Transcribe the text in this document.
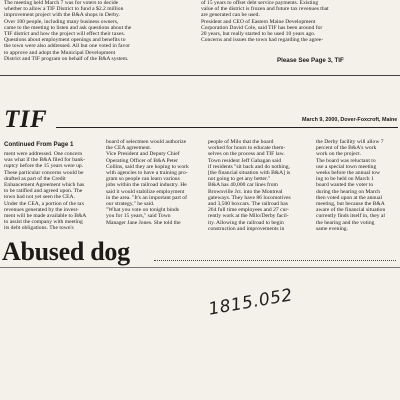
The meeting held March 7 was for voters to decide

whether to allow a TIF District to fund a $2.2 million

improvement project with the B&A shops in Derby.

Over 100 people, including many business owners,

came to the meeting to listen and ask questions about the

TIF district and how the project will effect their taxes.

Questions about employment openings and benefits to

the town were also addressed. All but one voted in favor

to approve and adopt the Municipal Development

District and TIF program on behalf of the B&A system.

of 15 years to offset debt service payments. Existing

value of the district is frozen and future tax revenues that

are generated can be used.

President and CEO of Eastern Maine Development

Corporation David Cole, said TIF has been around for

20 years, but really started to be used 10 years ago.

Concerns and issues the town had regarding the agree-

Please See Page 3, TIF
TIF	March 9, 2000, Dover-Foxcroft, Maine
Continued From Page 1

ment were addressed. One concern

was what if the B&A filed for bank-

ruptcy before the 15 years were up.

These particular concerns would be

drafted as part of the Credit

Enhancement Agreement which has

to be ratified and agreed upon. The

town had not yet seen the CEA.

Under the CEA, a portion of the tax

revenues generated by the invest-

ment will be made available to B&A

to assist the company with meeting

its debt obligations. The town's

board of selectmen would authorize

the CEA agreement.

Vice President and Deputy Chief

Operating Officer of B&A Peter

Collins, said they are hoping to work

with agencies to have a training pro-

gram so people can learn various

jobs within the railroad industry. He

said it would stabilize employment

in the area. "It's an important part of

our strategy," he said.

"What you vote on tonight binds

you for 15 years," said Town

Manager Jane Jones. She told the

people of Milo that the board

worked for hours to educate them-

selves on the process and TIF law.

Town resident Jeff Gahagan said

if residents "sit back and do nothing,

[the financial situation with B&A] is

not going to get any better."

B&A has 40,000 car lines from

Brownville Jct. into the Montreal

gateways. They have 86 locomotives

and 3,500 boxcars. The railroad has

264 full time employees and 27 cur-

rently work at the Milo/Derby facil-

ity. Allowing the railroad to begin

construction and improvements in

the Derby facility will allow 7

percent of the B&A's work

work on the project.

The board was reluctant to

use a special town meeting

weeks before the annual tow

ing to be held on March 1

board wanted the voter to

during the hearing on March

then voted upon at the annual

meeting, but because the B&A

aware of the financial situation

currently finds itself in, they al

the hearing and the voting

same evening.

Abused dog
1815.052
